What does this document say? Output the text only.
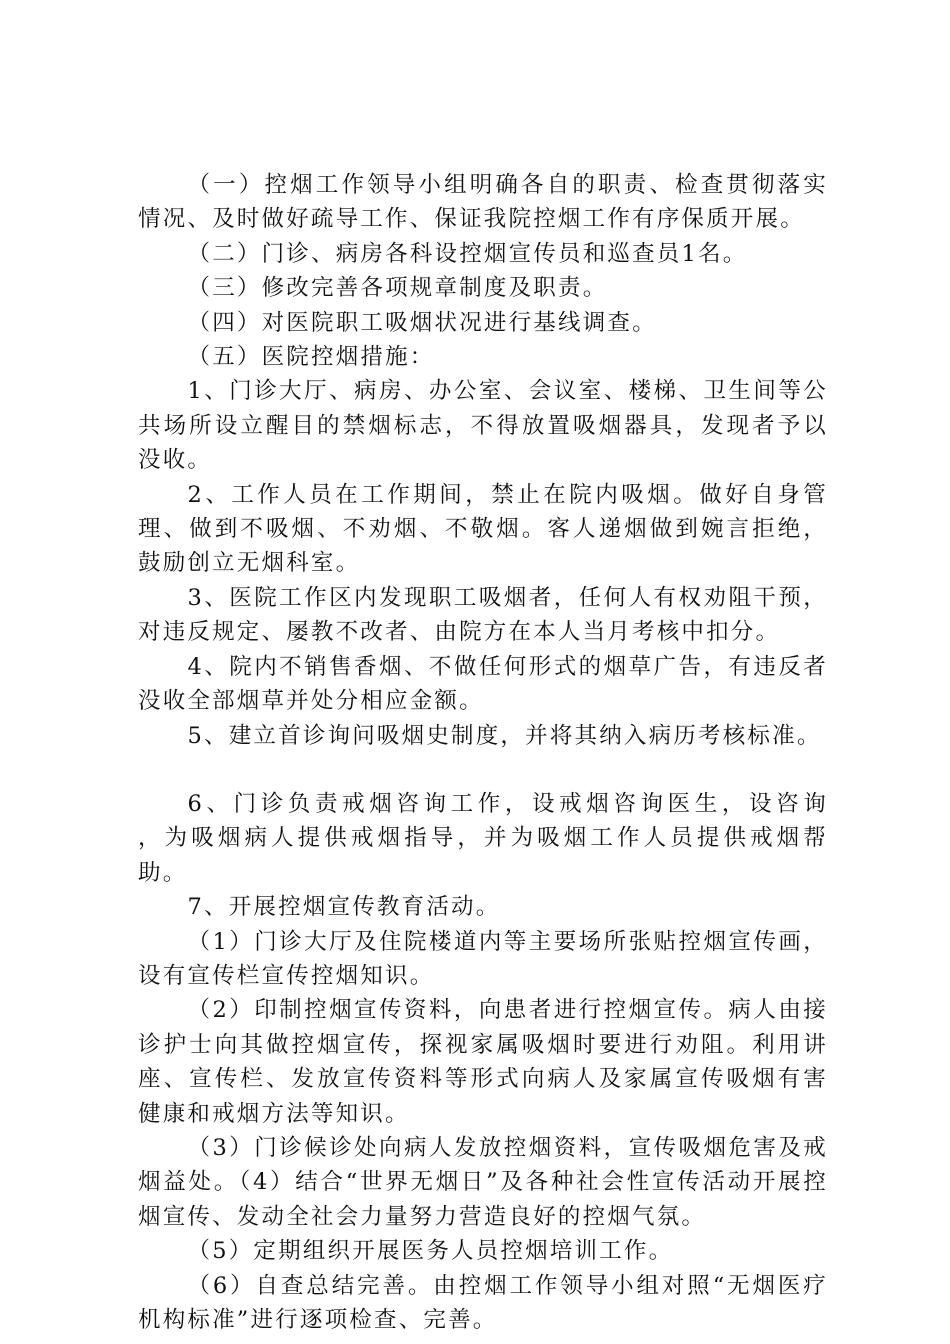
（一）控烟工作领导小组明确各自的职责、检查贯彻落实情况、及时做好疏导工作、保证我院控烟工作有序保质开展。

（二）门诊、病房各科设控烟宣传员和巡查员1名。

（三）修改完善各项规章制度及职责。

（四）对医院职工吸烟状况进行基线调查。

（五）医院控烟措施：

1、门诊大厅、病房、办公室、会议室、楼梯、卫生间等公共场所设立醒目的禁烟标志，不得放置吸烟器具，发现者予以没收。

2、工作人员在工作期间，禁止在院内吸烟。做好自身管理、做到不吸烟、不劝烟、不敬烟。客人递烟做到婉言拒绝，鼓励创立无烟科室。

3、医院工作区内发现职工吸烟者，任何人有权劝阻干预，对违反规定、屡教不改者、由院方在本人当月考核中扣分。

4、院内不销售香烟、不做任何形式的烟草广告，有违反者没收全部烟草并处分相应金额。

5、建立首诊询问吸烟史制度，并将其纳入病历考核标准。

6、门诊负责戒烟咨询工作，设戒烟咨询医生，设咨询　　，为吸烟病人提供戒烟指导，并为吸烟工作人员提供戒烟帮助。

7、开展控烟宣传教育活动。

（1）门诊大厅及住院楼道内等主要场所张贴控烟宣传画，设有宣传栏宣传控烟知识。

（2）印制控烟宣传资料，向患者进行控烟宣传。病人由接诊护士向其做控烟宣传，探视家属吸烟时要进行劝阻。利用讲座、宣传栏、发放宣传资料等形式向病人及家属宣传吸烟有害健康和戒烟方法等知识。

（3）门诊候诊处向病人发放控烟资料，宣传吸烟危害及戒烟益处。（4）结合“世界无烟日”及各种社会性宣传活动开展控烟宣传、发动全社会力量努力营造良好的控烟气氛。

（5）定期组织开展医务人员控烟培训工作。

（6）自查总结完善。由控烟工作领导小组对照“无烟医疗机构标准”进行逐项检查、完善。
